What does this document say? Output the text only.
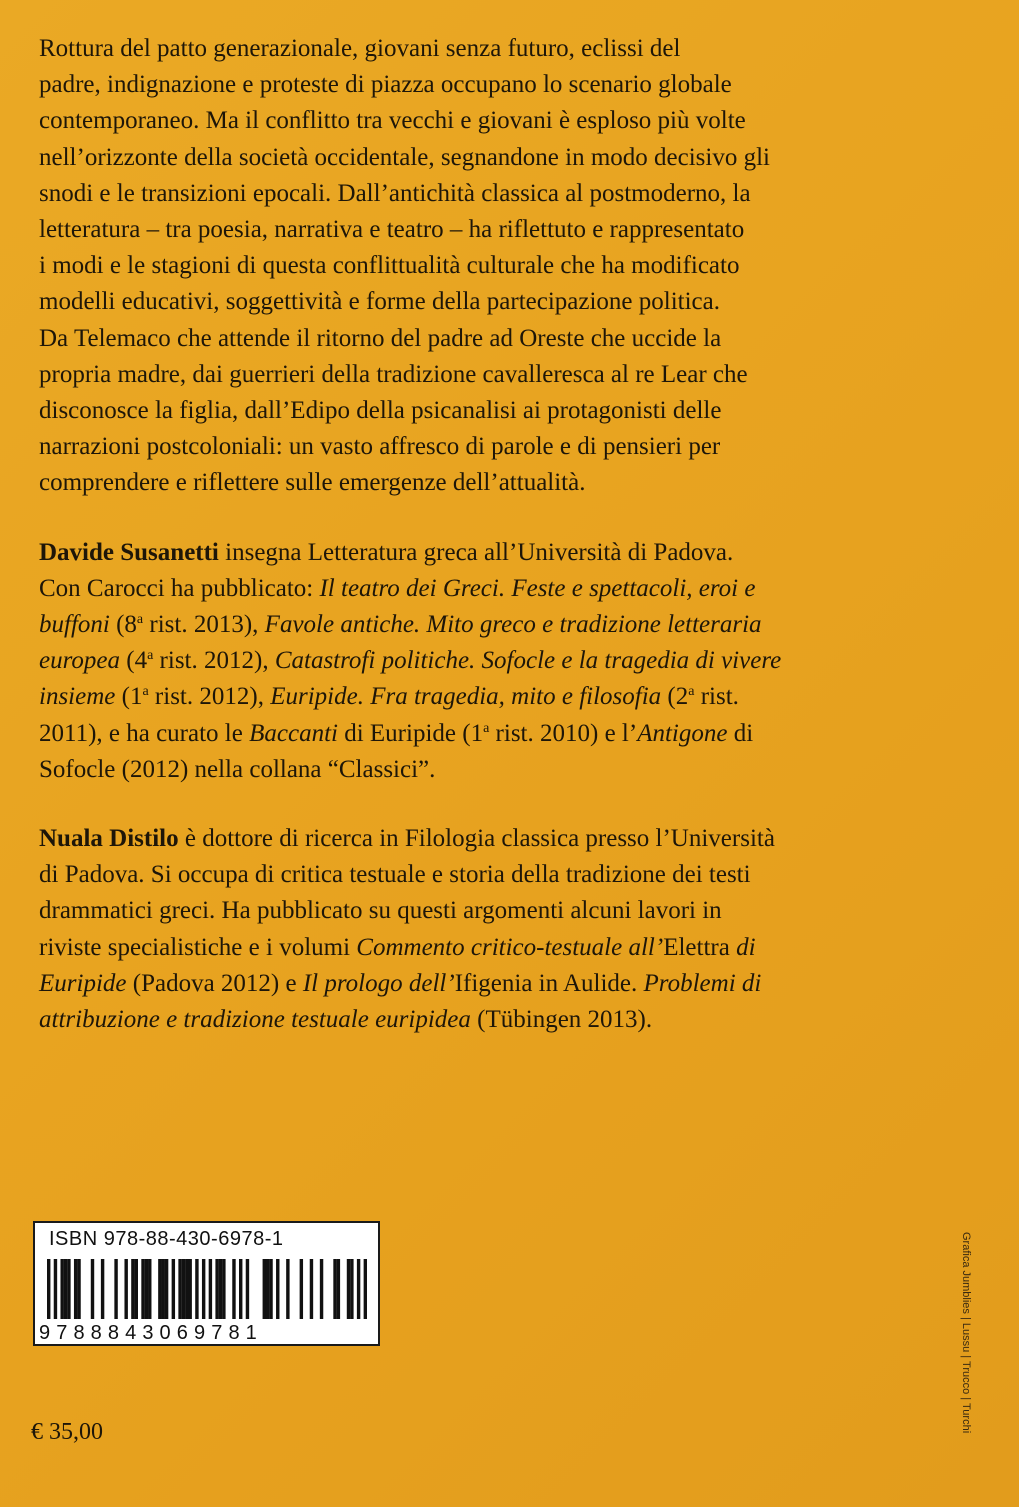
Rottura del patto generazionale, giovani senza futuro, eclissi del
padre, indignazione e proteste di piazza occupano lo scenario globale
contemporaneo. Ma il conflitto tra vecchi e giovani è esploso più volte
nell’orizzonte della società occidentale, segnandone in modo decisivo gli
snodi e le transizioni epocali. Dall’antichità classica al postmoderno, la
letteratura – tra poesia, narrativa e teatro – ha riflettuto e rappresentato
i modi e le stagioni di questa conflittualità culturale che ha modificato
modelli educativi, soggettività e forme della partecipazione politica.
Da Telemaco che attende il ritorno del padre ad Oreste che uccide la
propria madre, dai guerrieri della tradizione cavalleresca al re Lear che
disconosce la figlia, dall’Edipo della psicanalisi ai protagonisti delle
narrazioni postcoloniali: un vasto affresco di parole e di pensieri per
comprendere e riflettere sulle emergenze dell’attualità.

Davide Susanetti insegna Letteratura greca all’Università di Padova.
Con Carocci ha pubblicato: Il teatro dei Greci. Feste e spettacoli, eroi e
buffoni (8$^a$ rist. 2013), Favole antiche. Mito greco e tradizione letteraria
europea (4$^a$ rist. 2012), Catastrofi politiche. Sofocle e la tragedia di vivere
insieme (1$^a$ rist. 2012), Euripide. Fra tragedia, mito e filosofia (2$^a$ rist.
2011), e ha curato le Baccanti di Euripide (1$^a$ rist. 2010) e l’Antigone di
Sofocle (2012) nella collana “Classici”.

Nuala Distilo è dottore di ricerca in Filologia classica presso l’Università
di Padova. Si occupa di critica testuale e storia della tradizione dei testi
drammatici greci. Ha pubblicato su questi argomenti alcuni lavori in
riviste specialistiche e i volumi Commento critico-testuale all’Elettra di
Euripide (Padova 2012) e Il prologo dell’Ifigenia in Aulide. Problemi di
attribuzione e tradizione testuale euripidea (Tübingen 2013).

ISBN 978-88-430-6978-1
9788843069781
€ 35,00	Grafica Jumblies | Lussu | Trucco | Turchi
